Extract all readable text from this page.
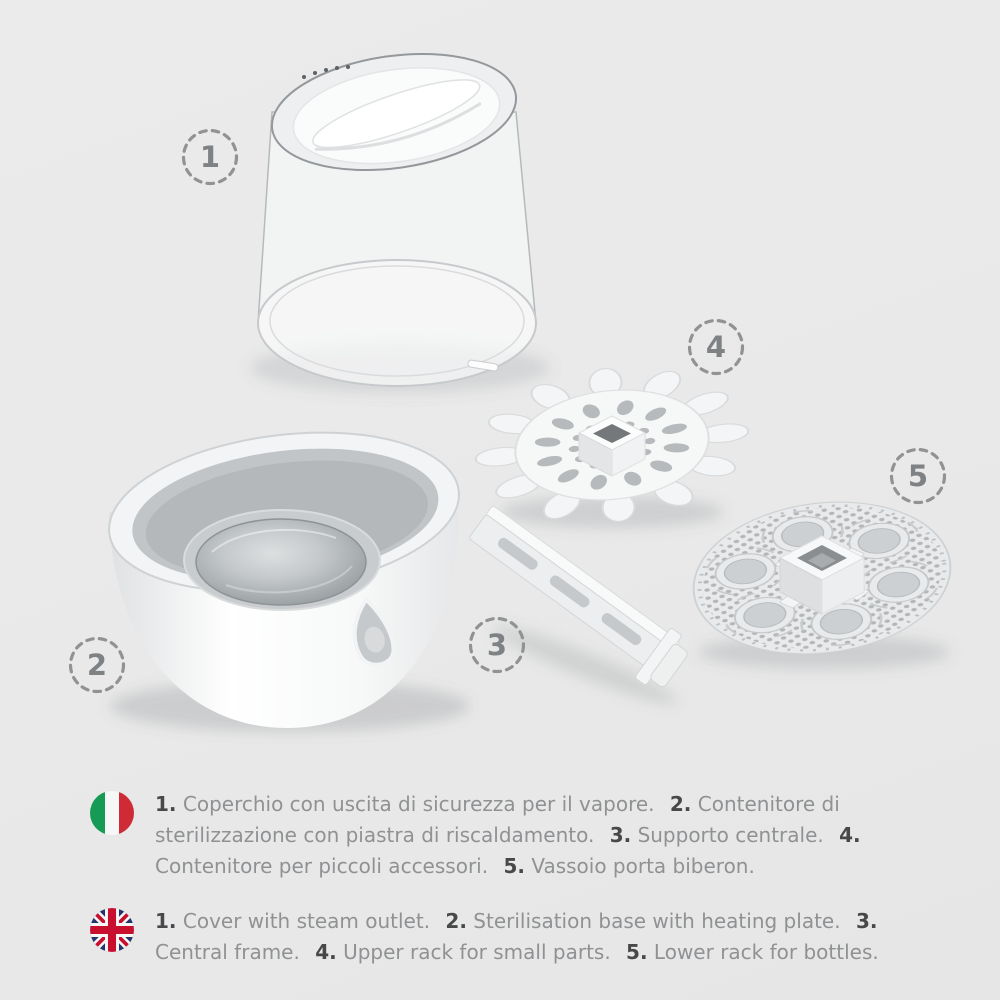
1
2
3
4
5

1. Coperchio con uscita di sicurezza per il vapore. 2. Contenitore di sterilizzazione con piastra di riscaldamento. 3. Supporto centrale. 4. Contenitore per piccoli accessori. 5. Vassoio porta biberon.

1. Cover with steam outlet. 2. Sterilisation base with heating plate. 3. Central frame. 4. Upper rack for small parts. 5. Lower rack for bottles.
